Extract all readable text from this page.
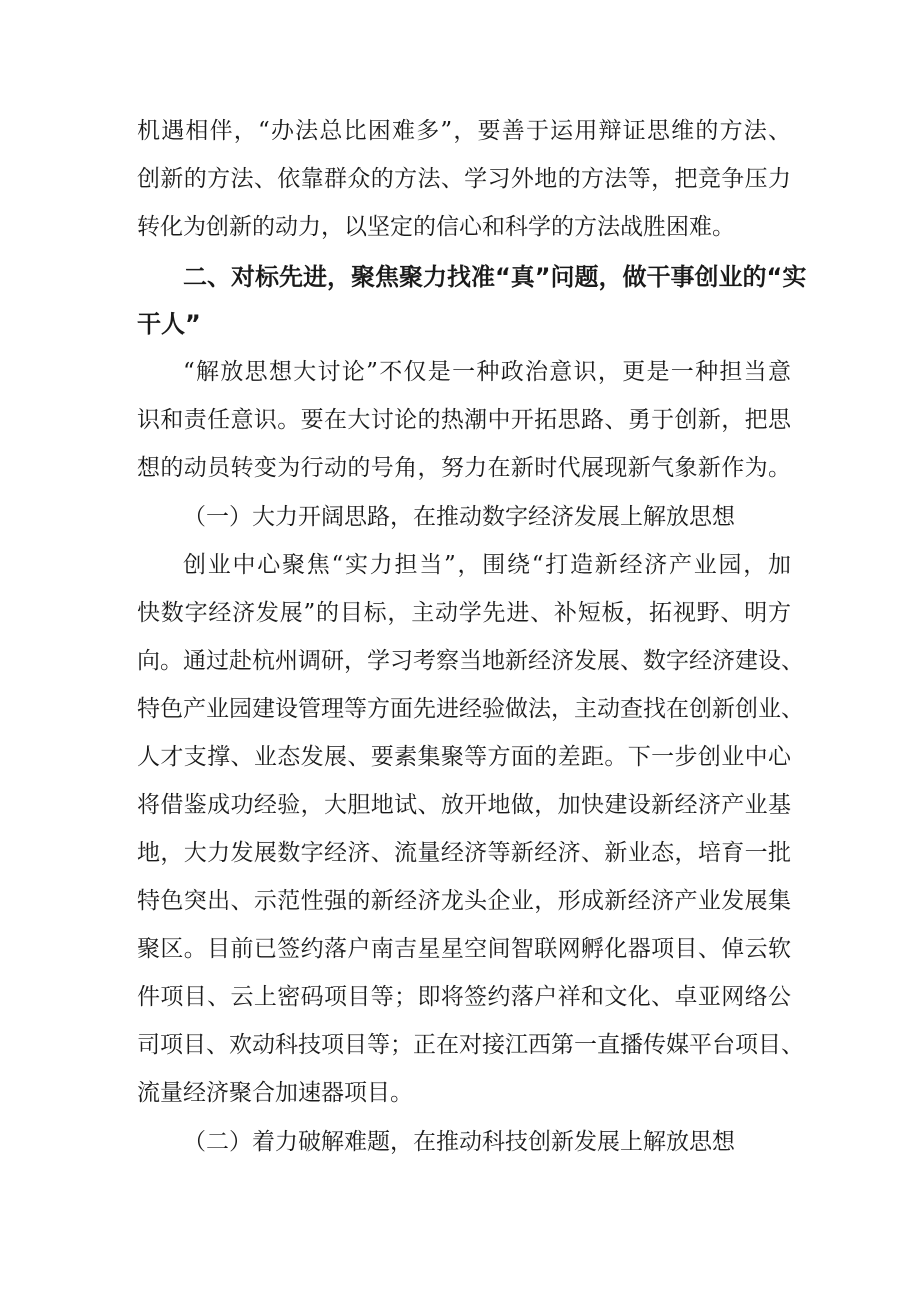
机遇相伴，“办法总比困难多”，要善于运用辩证思维的方法、
创新的方法、依靠群众的方法、学习外地的方法等，把竞争压力
转化为创新的动力，以坚定的信心和科学的方法战胜困难。
二、对标先进，聚焦聚力找准“真”问题，做干事创业的“实
干人”
“解放思想大讨论”不仅是一种政治意识，更是一种担当意
识和责任意识。要在大讨论的热潮中开拓思路、勇于创新，把思
想的动员转变为行动的号角，努力在新时代展现新气象新作为。
（一）大力开阔思路，在推动数字经济发展上解放思想
创业中心聚焦“实力担当”，围绕“打造新经济产业园，加
快数字经济发展”的目标，主动学先进、补短板，拓视野、明方
向。通过赴杭州调研，学习考察当地新经济发展、数字经济建设、
特色产业园建设管理等方面先进经验做法，主动查找在创新创业、
人才支撑、业态发展、要素集聚等方面的差距。下一步创业中心
将借鉴成功经验，大胆地试、放开地做，加快建设新经济产业基
地，大力发展数字经济、流量经济等新经济、新业态，培育一批
特色突出、示范性强的新经济龙头企业，形成新经济产业发展集
聚区。目前已签约落户南吉星星空间智联网孵化器项目、倬云软
件项目、云上密码项目等；即将签约落户祥和文化、卓亚网络公
司项目、欢动科技项目等；正在对接江西第一直播传媒平台项目、
流量经济聚合加速器项目。
（二）着力破解难题，在推动科技创新发展上解放思想
